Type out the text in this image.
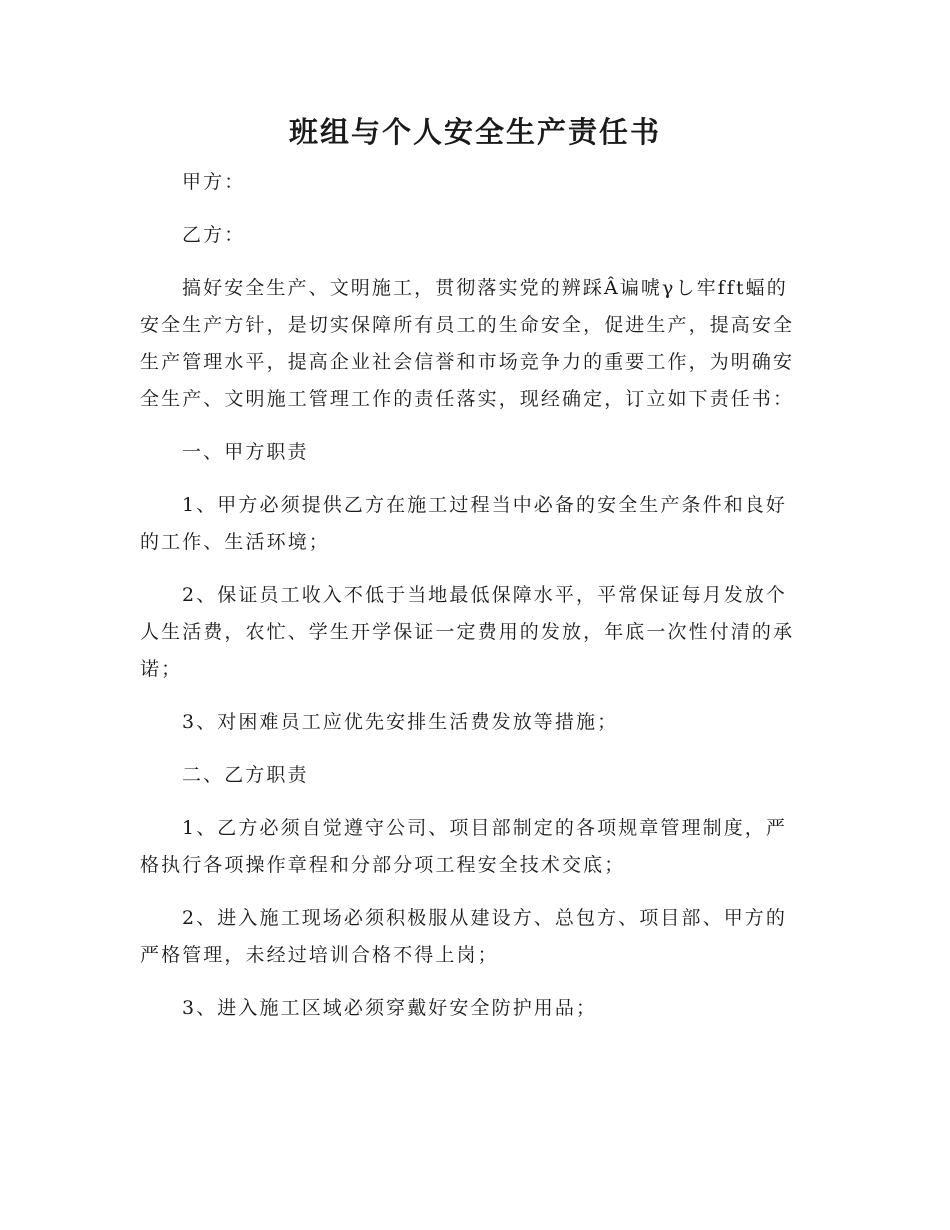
班组与个人安全生产责任书

甲方：

乙方：

搞好安全生产、文明施工，贯彻落实党的辨踩Â谝唬γし牢fft蝠的安全生产方针，是切实保障所有员工的生命安全，促进生产，提高安全生产管理水平，提高企业社会信誉和市场竞争力的重要工作，为明确安全生产、文明施工管理工作的责任落实，现经确定，订立如下责任书：

一、甲方职责

1、甲方必须提供乙方在施工过程当中必备的安全生产条件和良好的工作、生活环境；

2、保证员工收入不低于当地最低保障水平，平常保证每月发放个人生活费，农忙、学生开学保证一定费用的发放，年底一次性付清的承诺；

3、对困难员工应优先安排生活费发放等措施；

二、乙方职责

1、乙方必须自觉遵守公司、项目部制定的各项规章管理制度，严格执行各项操作章程和分部分项工程安全技术交底；

2、进入施工现场必须积极服从建设方、总包方、项目部、甲方的严格管理，未经过培训合格不得上岗；

3、进入施工区域必须穿戴好安全防护用品；
